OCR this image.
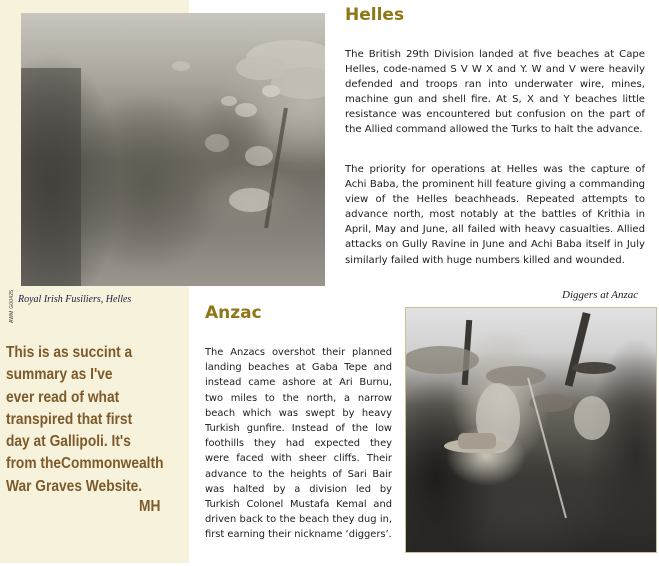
AWM G00425 Royal Irish Fusiliers, Helles
Helles

The British 29th Division landed at five beaches at Cape Helles, code-named S V W X and Y. W and V were heavily defended and troops ran into underwater wire, mines, machine gun and shell fire. At S, X and Y beaches little resistance was encountered but confusion on the part of the Allied command allowed the Turks to halt the advance.

The priority for operations at Helles was the capture of Achi Baba, the prominent hill feature giving a commanding view of the Helles beachheads. Repeated attempts to advance north, most notably at the battles of Krithia in April, May and June, all failed with heavy casualties. Allied attacks on Gully Ravine in June and Achi Baba itself in July similarly failed with huge numbers killed and wounded.

Diggers at Anzac
Anzac

The Anzacs overshot their planned landing beaches at Gaba Tepe and instead came ashore at Ari Burnu, two miles to the north, a narrow beach which was swept by heavy Turkish gunfire. Instead of the low foothills they had expected they were faced with sheer cliffs. Their advance to the heights of Sari Bair was halted by a division led by Turkish Colonel Mustafa Kemal and driven back to the beach they dug in, first earning their nickname ‘diggers’.

This is as succint a
summary as I've
ever read of what
transpired that first
day at Gallipoli. It's
from theCommonwealth
War Graves Website.
MH
